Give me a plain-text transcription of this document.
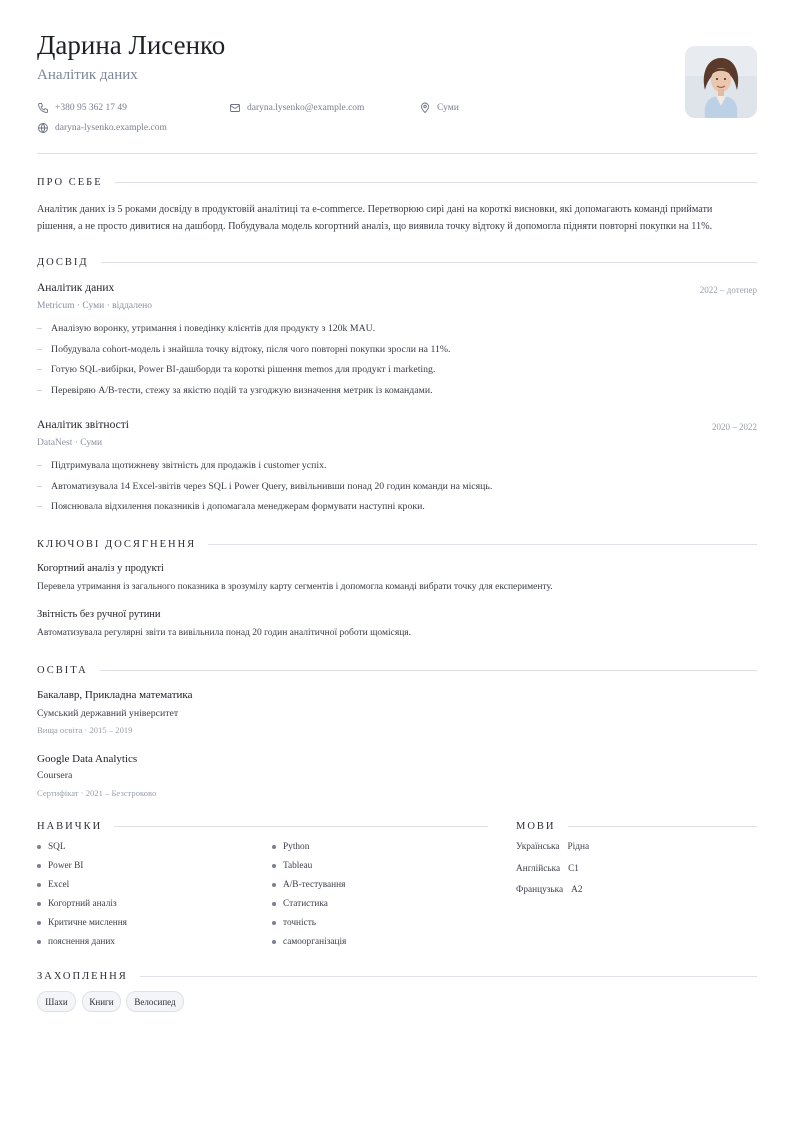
Дарина Лисенко
Аналітик даних
+380 95 362 17 49	daryna.lysenko@example.com	Суми
daryna-lysenko.example.com
ПРО СЕБЕ
Аналітик даних із 5 роками досвіду в продуктовій аналітиці та e-commerce. Перетворюю сирі дані на короткі висновки, які допомагають команді приймати
рішення, а не просто дивитися на дашборд. Побудувала модель когортний аналіз, що виявила точку відтоку й допомогла підняти повторні покупки на 11%.
ДОСВІД
Аналітик даних	2022 – дотепер
Metricum · Суми · віддалено
– Аналізую воронку, утримання і поведінку клієнтів для продукту з 120k MAU.
– Побудувала cohort-модель і знайшла точку відтоку, після чого повторні покупки зросли на 11%.
– Готую SQL-вибірки, Power BI-дашборди та короткі рішення memos для продукт і marketing.
– Перевіряю A/B-тести, стежу за якістю подій та узгоджую визначення метрик із командами.
Аналітик звітності	2020 – 2022
DataNest · Суми
– Підтримувала щотижневу звітність для продажів і customer успіх.
– Автоматизувала 14 Excel-звітів через SQL і Power Query, вивільнивши понад 20 годин команди на місяць.
– Пояснювала відхилення показників і допомагала менеджерам формувати наступні кроки.
КЛЮЧОВІ ДОСЯГНЕННЯ
Когортний аналіз у продукті
Перевела утримання із загального показника в зрозумілу карту сегментів і допомогла команді вибрати точку для експерименту.
Звітність без ручної рутини
Автоматизувала регулярні звіти та вивільнила понад 20 годин аналітичної роботи щомісяця.
ОСВІТА
Бакалавр, Прикладна математика
Сумський державний університет
Вища освіта · 2015 – 2019
Google Data Analytics
Coursera
Сертифікат · 2021 – Безстроково
НАВИЧКИ
SQL
Power BI
Excel
Когортний аналіз
Критичне мислення
пояснення даних
Python
Tableau
A/B-тестування
Статистика
точність
самоорганізація
МОВИ
Українська Рідна
Англійська C1
Французька A2
ЗАХОПЛЕННЯ
Шахи	Книги	Велосипед
